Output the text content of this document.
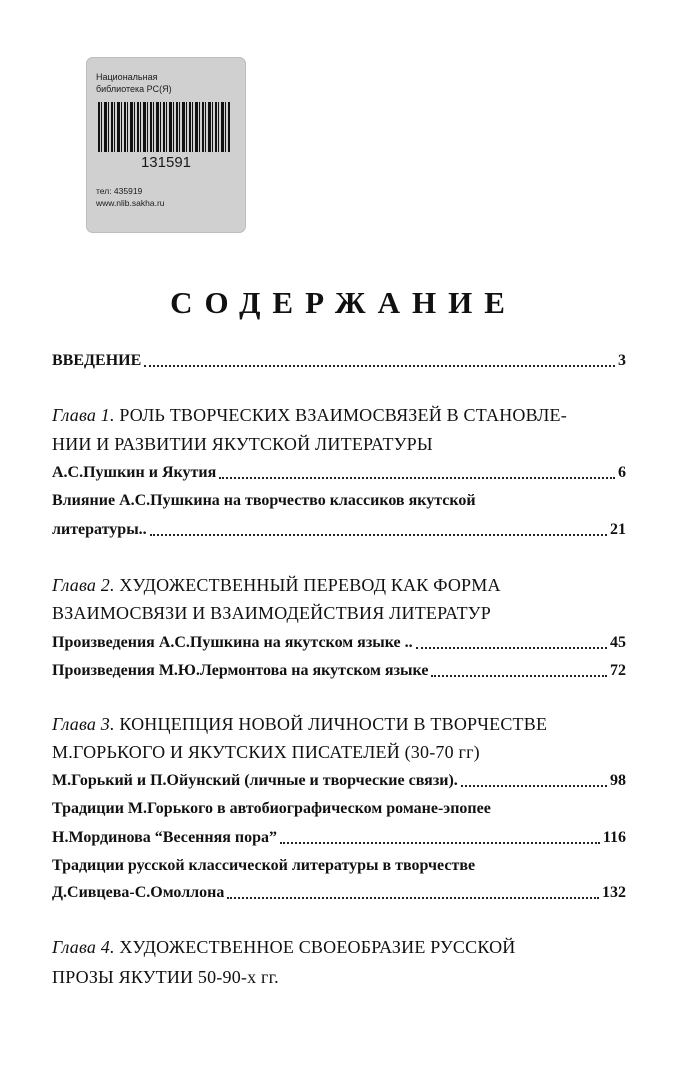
Национальная
библиотека РС(Я)
131591
тел: 435919
www.nlib.sakha.ru
СОДЕРЖАНИЕ
ВВЕДЕНИЕ	3
Глава 1. РОЛЬ ТВОРЧЕСКИХ ВЗАИМОСВЯЗЕЙ В СТАНОВЛЕ-
НИИ И РАЗВИТИИ ЯКУТСКОЙ ЛИТЕРАТУРЫ
А.С.Пушкин и Якутия	6
Влияние А.С.Пушкина на творчество классиков якутской
литературы..	21
Глава 2. ХУДОЖЕСТВЕННЫЙ ПЕРЕВОД КАК ФОРМА
ВЗАИМОСВЯЗИ И ВЗАИМОДЕЙСТВИЯ ЛИТЕРАТУР
Произведения А.С.Пушкина на якутском языке ..	45
Произведения М.Ю.Лермонтова на якутском языке	72
Глава 3. КОНЦЕПЦИЯ НОВОЙ ЛИЧНОСТИ В ТВОРЧЕСТВЕ
М.ГОРЬКОГО И ЯКУТСКИХ ПИСАТЕЛЕЙ (30-70 гг)
М.Горький и П.Ойунский (личные и творческие связи).	98
Традиции М.Горького в автобиографическом романе-эпопее
Н.Мординова “Весенняя пора”	116
Традиции русской классической литературы в творчестве
Д.Сивцева-С.Омоллона	132
Глава 4. ХУДОЖЕСТВЕННОЕ СВОЕОБРАЗИЕ РУССКОЙ
ПРОЗЫ ЯКУТИИ 50-90-х гг.
